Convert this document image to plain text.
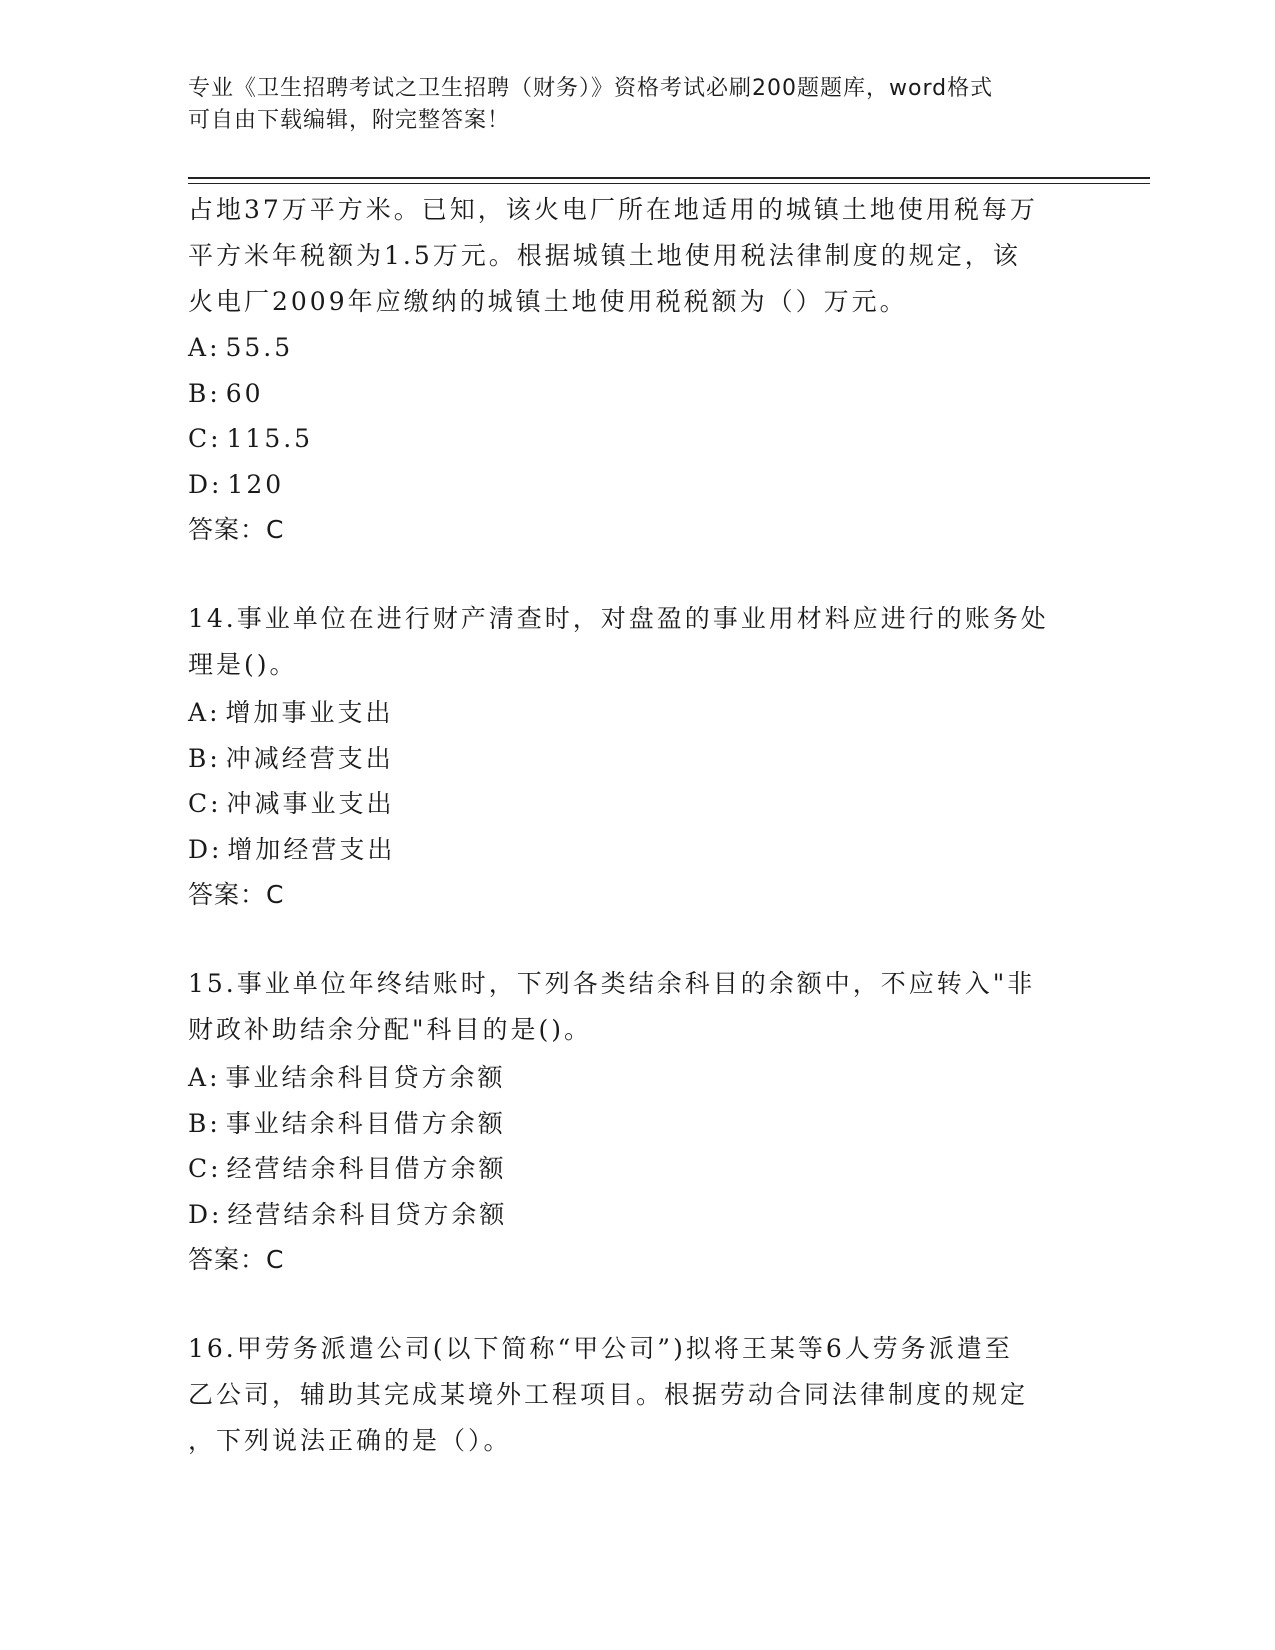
专业《卫生招聘考试之卫生招聘（财务）》资格考试必刷200题题库，word格式
可自由下载编辑，附完整答案！

占地37万平方米。已知，该火电厂所在地适用的城镇土地使用税每万
平方米年税额为1.5万元。根据城镇土地使用税法律制度的规定，该
火电厂2009年应缴纳的城镇土地使用税税额为（）万元。

A: 55.5
B: 60
C: 115.5
D: 120
答案：C

14.事业单位在进行财产清查时，对盘盈的事业用材料应进行的账务处
理是()。

A: 增加事业支出
B: 冲减经营支出
C: 冲减事业支出
D: 增加经营支出
答案：C

15.事业单位年终结账时，下列各类结余科目的余额中，不应转入"非
财政补助结余分配"科目的是()。

A: 事业结余科目贷方余额
B: 事业结余科目借方余额
C: 经营结余科目借方余额
D: 经营结余科目贷方余额
答案：C

16.甲劳务派遣公司(以下简称“甲公司”)拟将王某等6人劳务派遣至
乙公司，辅助其完成某境外工程项目。根据劳动合同法律制度的规定
，下列说法正确的是（）。
